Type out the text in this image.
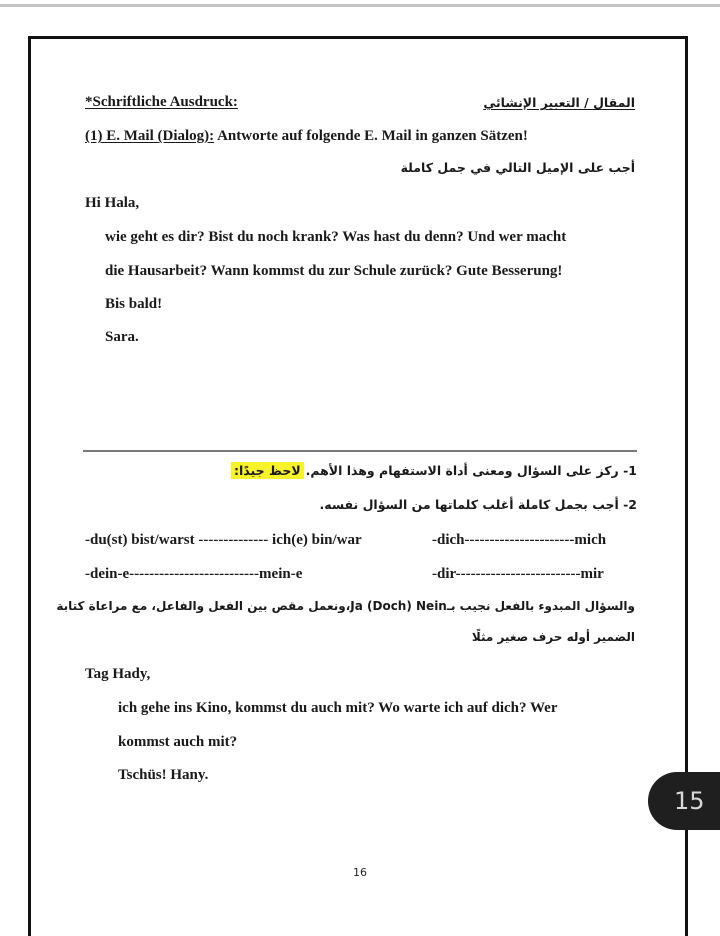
*Schriftliche Ausdruck:	المقال / التعبير الإنشائي
(1) E. Mail (Dialog): Antworte auf folgende E. Mail in ganzen Sätzen!
أجب على الإميل التالي في جمل كاملة
Hi Hala,
wie geht es dir? Bist du noch krank? Was hast du denn? Und wer macht
die Hausarbeit? Wann kommst du zur Schule zurück? Gute Besserung!
Bis bald!
Sara.
لاحظ جيدًا: 1- ركز على السؤال ومعنى أداة الاستفهام وهذا الأهم.
2- أجب بجمل كاملة أغلب كلماتها من السؤال نفسه.
-du(st) bist/warst -------------- ich(e) bin/war	-dich----------------------mich
-dein-e--------------------------mein-e	-dir-------------------------mir
والسؤال المبدوء بالفعل نجيب بـJa (Doch) Nein،ونعمل مقص بين الفعل والفاعل، مع مراعاة كتابة
الضمير أوله حرف صغير مثلًا
Tag Hady,
ich gehe ins Kino, kommst du auch mit? Wo warte ich auf dich? Wer
kommst auch mit?
Tschüs! Hany.
16
15
